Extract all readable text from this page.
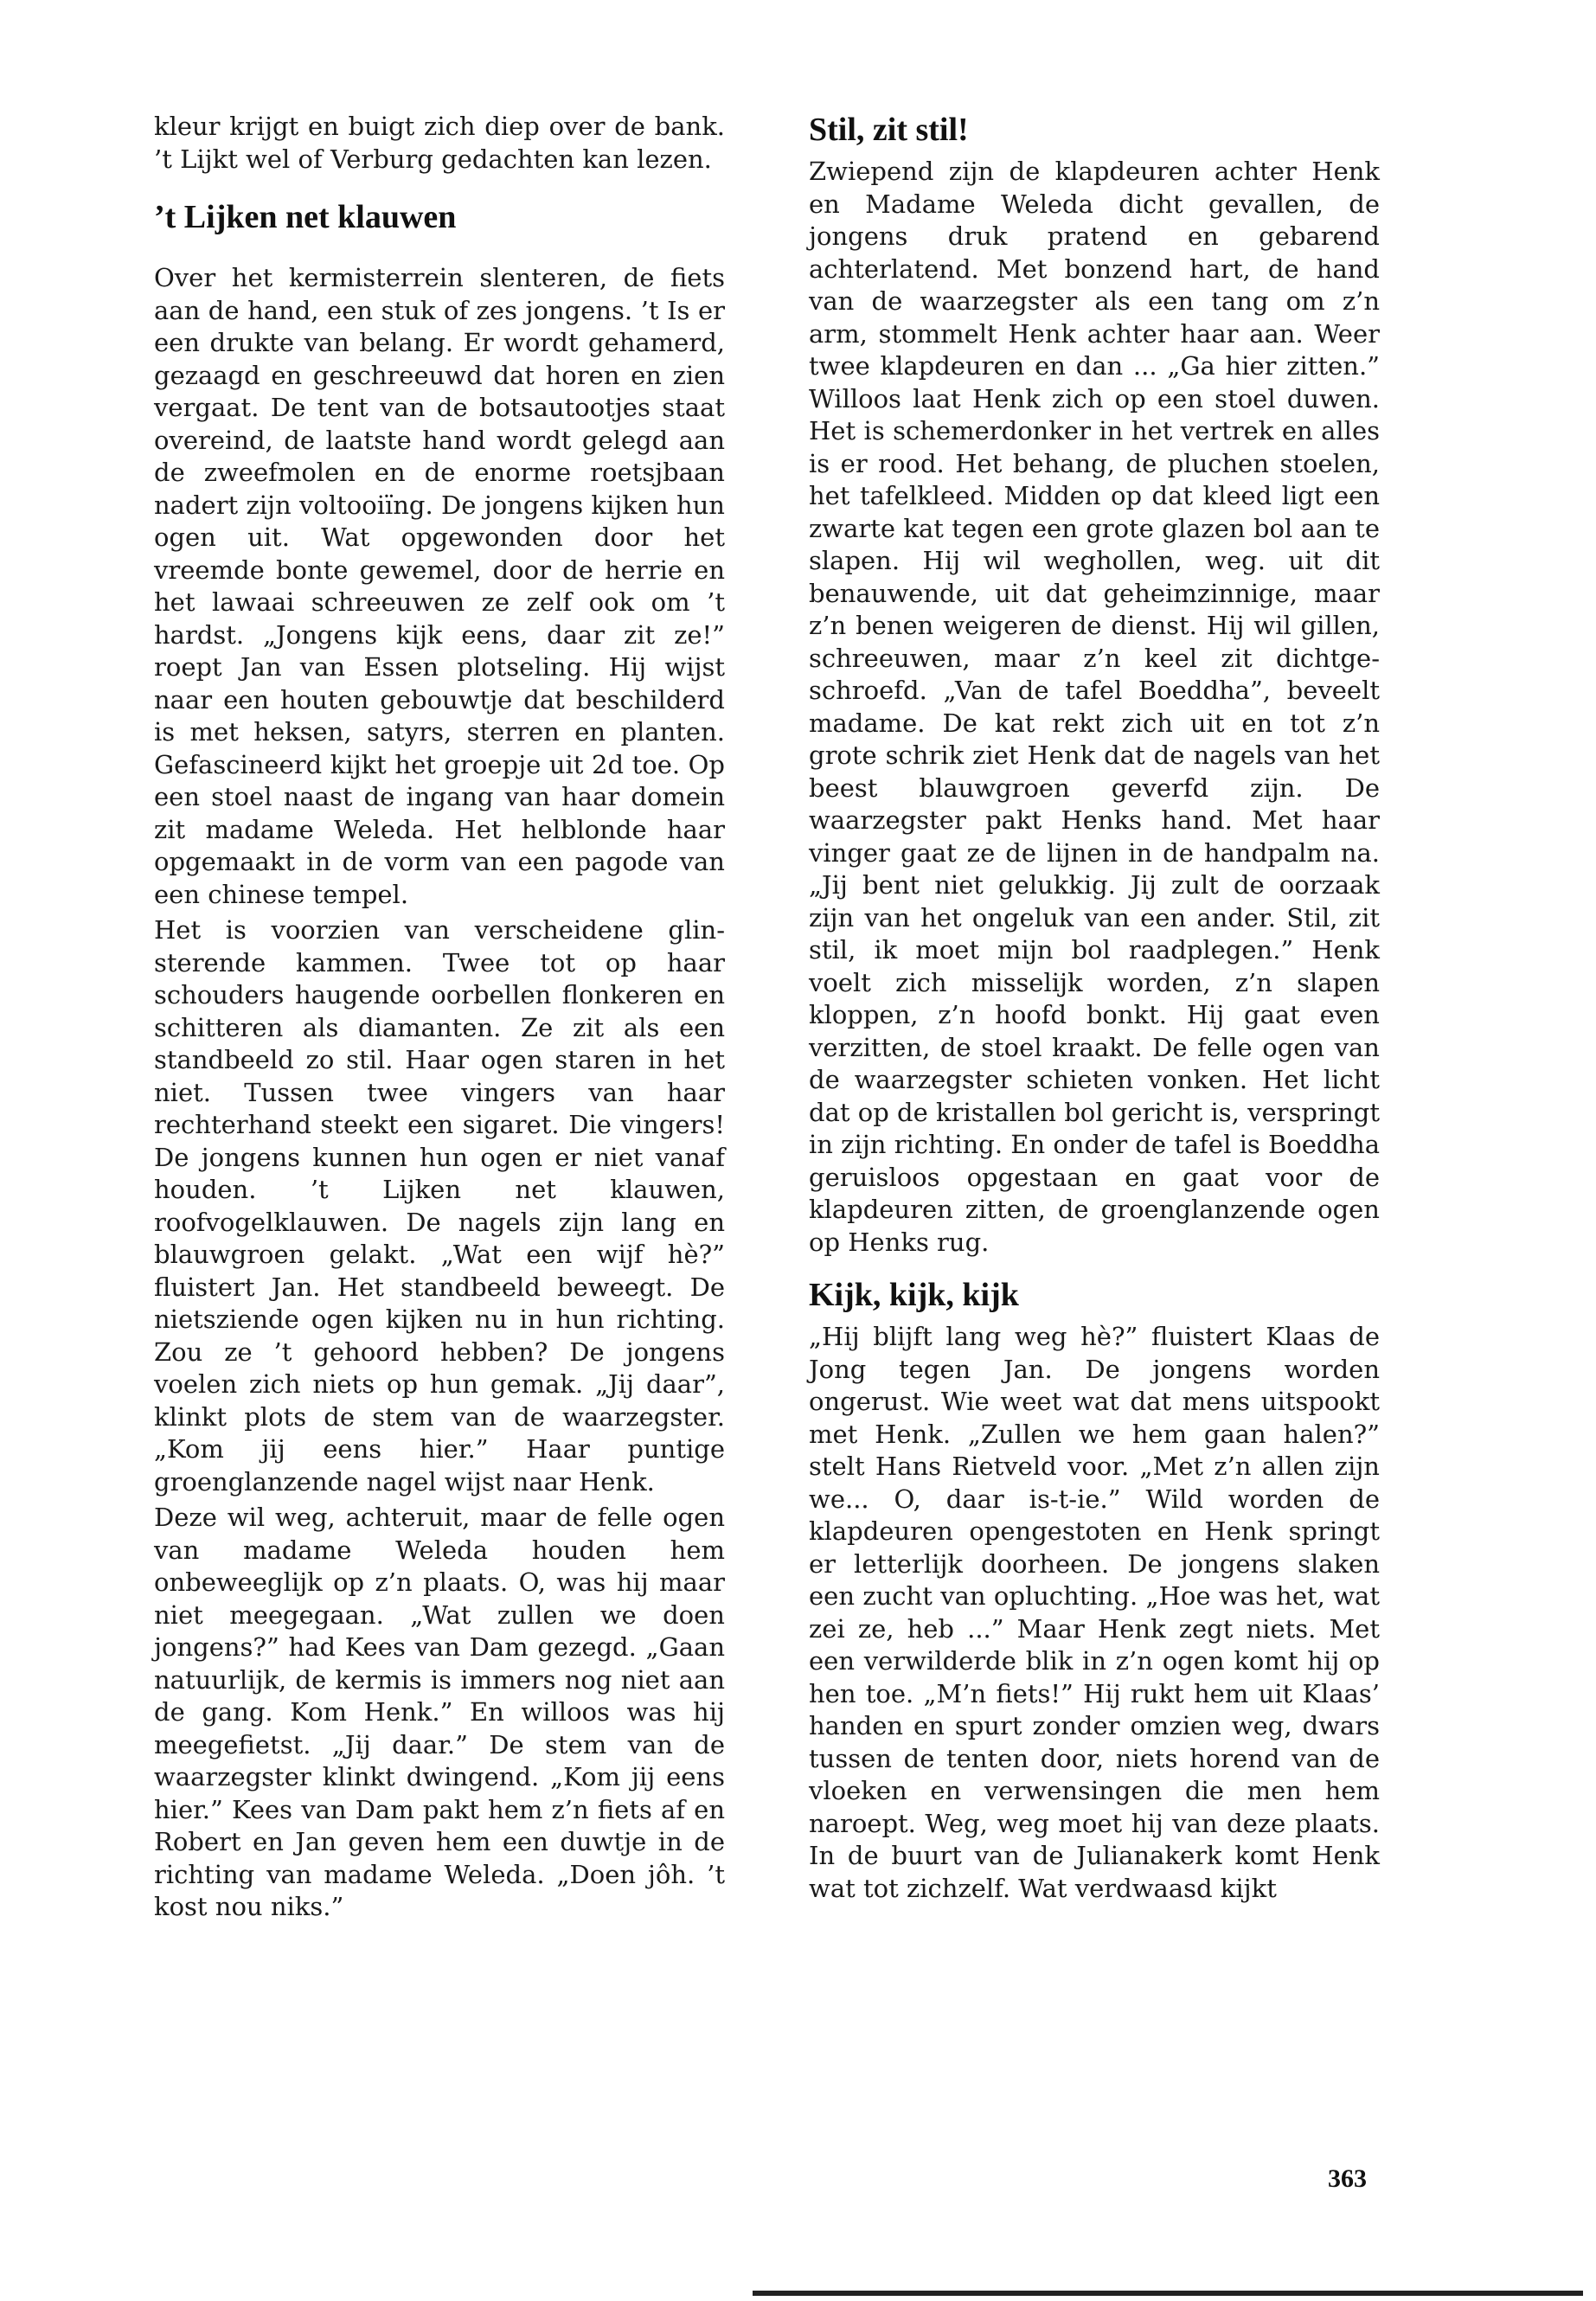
kleur krijgt en buigt zich diep over de bank. ’t Lijkt wel of Verburg gedachten kan lezen.

’t Lijken net klauwen

Over het kermisterrein slenteren, de fiets aan de hand, een stuk of zes jongens. ’t Is er een drukte van belang. Er wordt gehamerd, gezaagd en geschreeuwd dat horen en zien vergaat. De tent van de botsautootjes staat overeind, de laatste hand wordt gelegd aan de zweefmolen en de enorme roetsjbaan nadert zijn voltooiïng. De jongens kijken hun ogen uit. Wat opgewonden door het vreemde bonte gewemel, door de herrie en het lawaai schreeuwen ze zelf ook om ’t hardst. „Jongens kijk eens, daar zit ze!” roept Jan van Essen plotseling. Hij wijst naar een houten gebouwtje dat beschilderd is met heksen, satyrs, sterren en planten. Gefascineerd kijkt het groepje uit 2d toe. Op een stoel naast de ingang van haar domein zit madame Weleda. Het helblonde haar opgemaakt in de vorm van een pagode van een chinese tempel.

Het is voorzien van verscheidene glinsterende kammen. Twee tot op haar schouders haugende oorbellen flonkeren en schitteren als diamanten. Ze zit als een standbeeld zo stil. Haar ogen staren in het niet. Tussen twee vingers van haar rechterhand steekt een sigaret. Die vingers! De jongens kunnen hun ogen er niet vanaf houden. ’t Lijken net klauwen, roofvogelklauwen. De nagels zijn lang en blauwgroen gelakt. „Wat een wijf hè?” fluistert Jan. Het standbeeld beweegt. De nietsziende ogen kijken nu in hun richting. Zou ze ’t gehoord hebben? De jongens voelen zich niets op hun gemak. „Jij daar”, klinkt plots de stem van de waarzegster. „Kom jij eens hier.” Haar puntige groenglanzende nagel wijst naar Henk.

Deze wil weg, achteruit, maar de felle ogen van madame Weleda houden hem onbeweeglijk op z’n plaats. O, was hij maar niet meegegaan. „Wat zullen we doen jongens?” had Kees van Dam gezegd. „Gaan natuurlijk, de kermis is immers nog niet aan de gang. Kom Henk.” En willoos was hij meegefietst. „Jij daar.” De stem van de waarzegster klinkt dwingend. „Kom jij eens hier.” Kees van Dam pakt hem z’n fiets af en Robert en Jan geven hem een duwtje in de richting van madame Weleda. „Doen jôh. ’t kost nou niks.”

Stil, zit stil!

Zwiepend zijn de klapdeuren achter Henk en Madame Weleda dicht gevallen, de jongens druk pratend en gebarend achterlatend. Met bonzend hart, de hand van de waarzegster als een tang om z’n arm, stommelt Henk achter haar aan. Weer twee klapdeuren en dan ... „Ga hier zitten.” Willoos laat Henk zich op een stoel duwen. Het is schemerdonker in het vertrek en alles is er rood. Het behang, de pluchen stoelen, het tafelkleed. Midden op dat kleed ligt een zwarte kat tegen een grote glazen bol aan te slapen. Hij wil weghollen, weg. uit dit benauwende, uit dat geheimzinnige, maar z’n benen weigeren de dienst. Hij wil gillen, schreeuwen, maar z’n keel zit dichtgeschroefd. „Van de tafel Boeddha”, beveelt madame. De kat rekt zich uit en tot z’n grote schrik ziet Henk dat de nagels van het beest blauwgroen geverfd zijn. De waarzegster pakt Henks hand. Met haar vinger gaat ze de lijnen in de handpalm na. „Jij bent niet gelukkig. Jij zult de oorzaak zijn van het ongeluk van een ander. Stil, zit stil, ik moet mijn bol raadplegen.” Henk voelt zich misselijk worden, z’n slapen kloppen, z’n hoofd bonkt. Hij gaat even verzitten, de stoel kraakt. De felle ogen van de waarzegster schieten vonken. Het licht dat op de kristallen bol gericht is, verspringt in zijn richting. En onder de tafel is Boeddha geruisloos opgestaan en gaat voor de klapdeuren zitten, de groenglanzende ogen op Henks rug.

Kijk, kijk, kijk

„Hij blijft lang weg hè?” fluistert Klaas de Jong tegen Jan. De jongens worden ongerust. Wie weet wat dat mens uitspookt met Henk. „Zullen we hem gaan halen?” stelt Hans Rietveld voor. „Met z’n allen zijn we... O, daar is-t-ie.” Wild worden de klapdeuren opengestoten en Henk springt er letterlijk doorheen. De jongens slaken een zucht van opluchting. „Hoe was het, wat zei ze, heb ...” Maar Henk zegt niets. Met een verwilderde blik in z’n ogen komt hij op hen toe. „M’n fiets!” Hij rukt hem uit Klaas’ handen en spurt zonder omzien weg, dwars tussen de tenten door, niets horend van de vloeken en verwensingen die men hem naroept. Weg, weg moet hij van deze plaats. In de buurt van de Julianakerk komt Henk wat tot zichzelf. Wat verdwaasd kijkt

363
